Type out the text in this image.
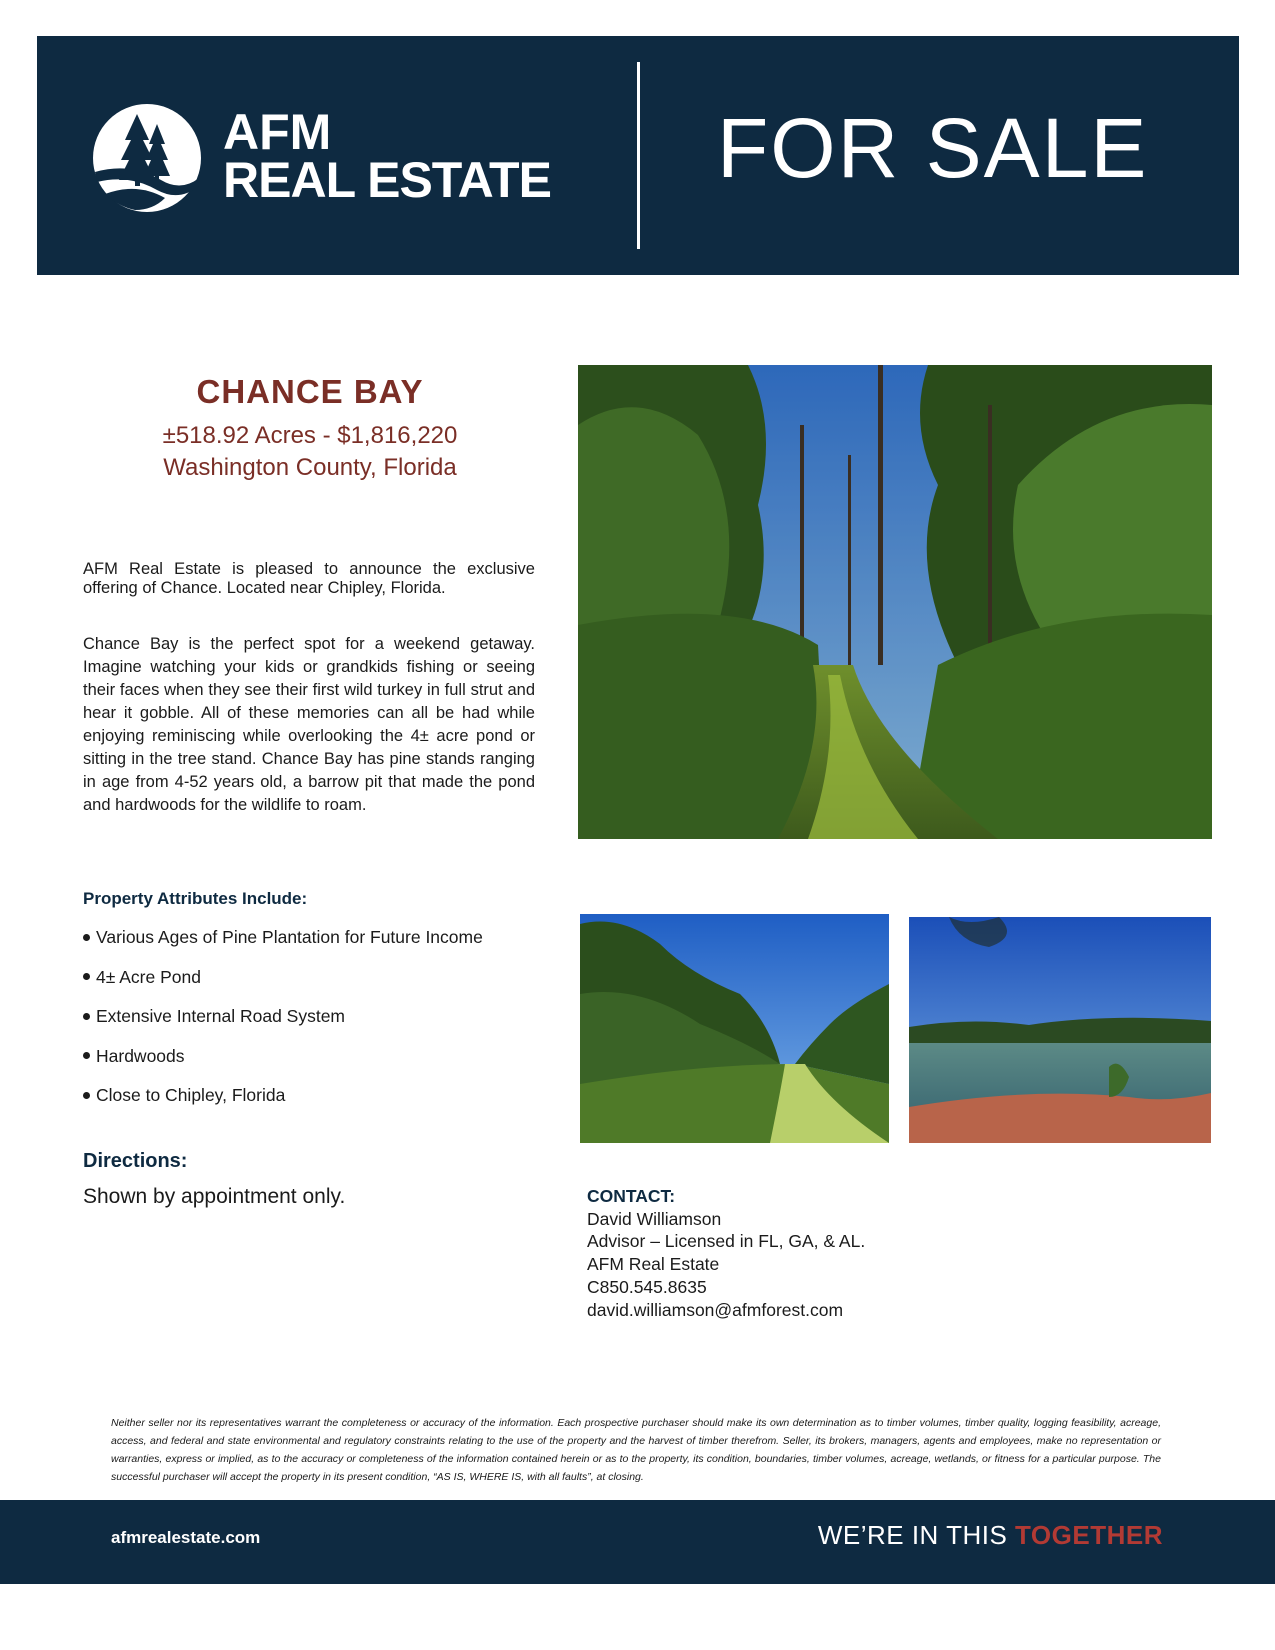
AFM
REAL ESTATE FOR SALE
CHANCE BAY
±518.92 Acres - $1,816,220
Washington County, Florida

AFM Real Estate is pleased to announce the exclusive offering of Chance. Located near Chipley, Florida.

Chance Bay is the perfect spot for a weekend getaway. Imagine watching your kids or grandkids fishing or seeing their faces when they see their first wild turkey in full strut and hear it gobble. All of these memories can all be had while enjoying reminiscing while overlooking the 4± acre pond or sitting in the tree stand. Chance Bay has pine stands ranging in age from 4-52 years old, a barrow pit that made the pond and hardwoods for the wildlife to roam.

Property Attributes Include:
Various Ages of Pine Plantation for Future Income
4± Acre Pond
Extensive Internal Road System
Hardwoods
Close to Chipley, Florida
Directions:
Shown by appointment only.	CONTACT:
David Williamson
Advisor – Licensed in FL, GA, & AL.
AFM Real Estate
C850.545.8635
david.williamson@afmforest.com

Neither seller nor its representatives warrant the completeness or accuracy of the information. Each prospective purchaser should make its own determination as to timber volumes, timber quality, logging feasibility, acreage, access, and federal and state environmental and regulatory constraints relating to the use of the property and the harvest of timber therefrom. Seller, its brokers, managers, agents and employees, make no representation or warranties, express or implied, as to the accuracy or completeness of the information contained herein or as to the property, its condition, boundaries, timber volumes, acreage, wetlands, or fitness for a particular purpose. The successful purchaser will accept the property in its present condition, “AS IS, WHERE IS, with all faults”, at closing.

afmrealestate.com	WE’RE IN THIS TOGETHER
